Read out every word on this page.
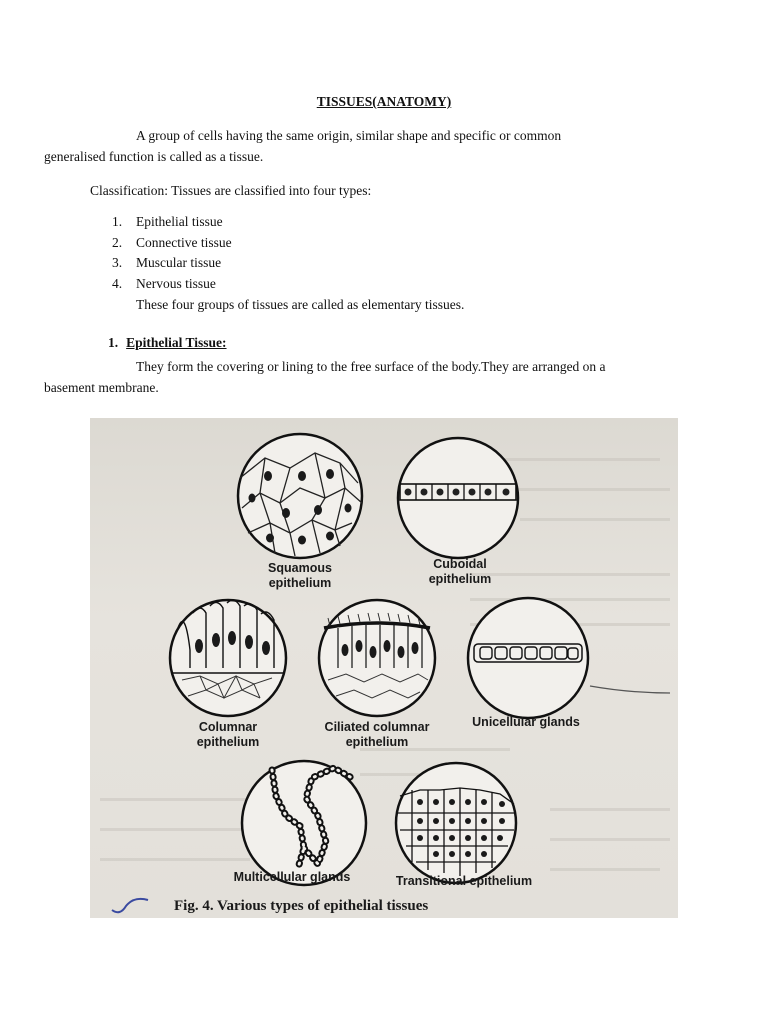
TISSUES(ANATOMY)

A group of cells having the same origin, similar shape and specific or common
generalised function is called as a tissue.

Classification: Tissues are classified into four types:

1. Epithelial tissue
2. Connective tissue
3. Muscular tissue
4. Nervous tissue
These four groups of tissues are called as elementary tissues.
1. Epithelial Tissue:

They form the covering or lining to the free surface of the body.They are arranged on a
basement membrane.

Squamous
epithelium
Cuboidal
epithelium
Columnar
epithelium
Ciliated columnar
epithelium
Unicellular glands
Multicellular glands	Transitional epithelium
Fig. 4. Various types of epithelial tissues
